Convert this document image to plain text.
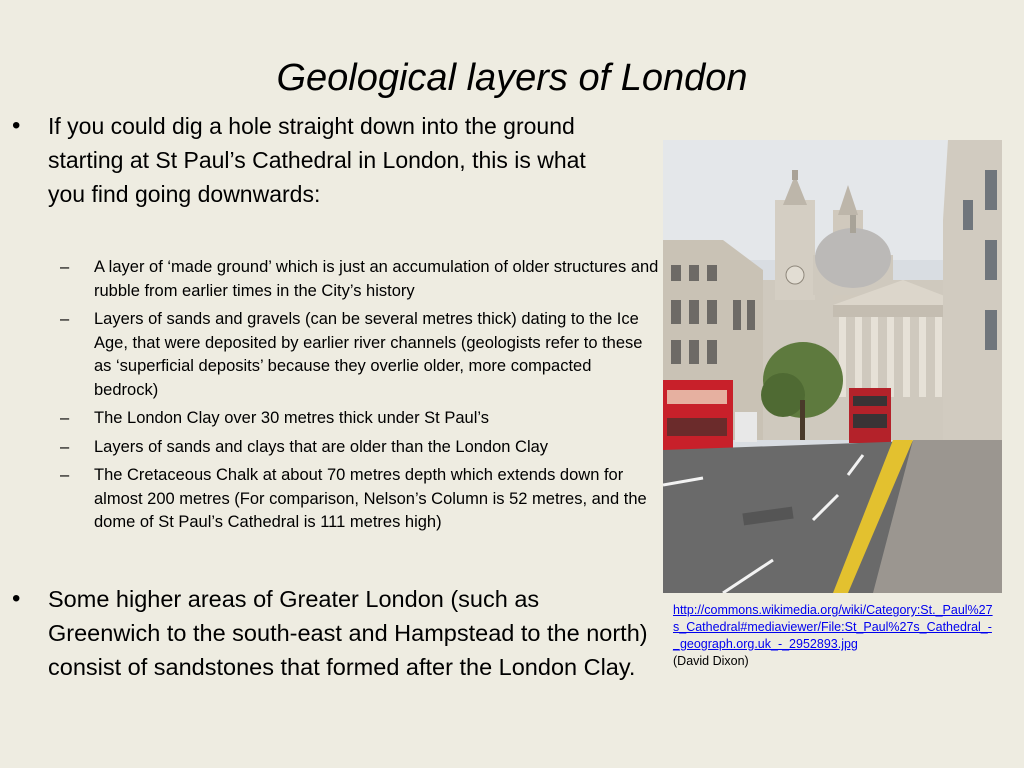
Geological layers of London
•	If you could dig a hole straight down into the ground starting at St Paul’s Cathedral in London, this is what you find going downwards:
–	A layer of ‘made ground’ which is just an accumulation of older structures and rubble from earlier times in the City’s history
–	Layers of sands and gravels (can be several metres thick) dating to the Ice Age, that were deposited by earlier river channels (geologists refer to these as ‘superficial deposits’ because they overlie older, more compacted bedrock)
–	The London Clay over 30 metres thick under St Paul’s
–	Layers of sands and clays that are older than the London Clay
–	The Cretaceous Chalk at about 70 metres depth which extends down for almost 200 metres (For comparison, Nelson’s Column is 52 metres, and the dome of St Paul’s Cathedral is 111 metres high)
•	Some higher areas of Greater London (such as Greenwich to the south-east and Hampstead to the north) consist of sandstones that formed after the London Clay.
http://commons.wikimedia.org/wiki/Category:St._Paul%27s_Cathedral#mediaviewer/File:St_Paul%27s_Cathedral_-_geograph.org.uk_-_2952893.jpg
(David Dixon)
